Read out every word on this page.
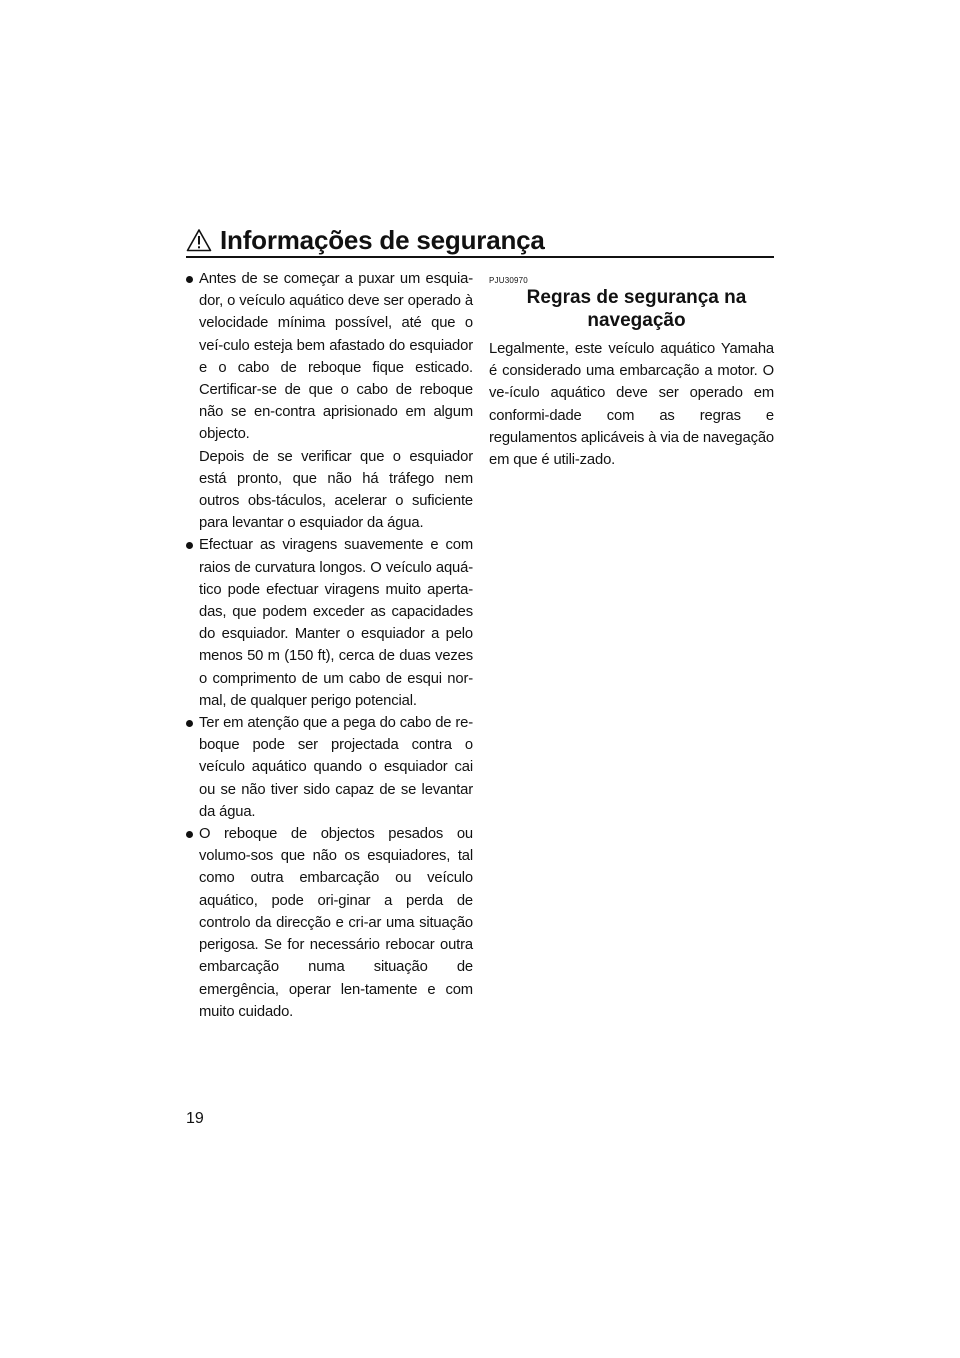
Informações de segurança

Antes de se começar a puxar um esquia-dor, o veículo aquático deve ser operado à velocidade mínima possível, até que o veí-culo esteja bem afastado do esquiador e o cabo de reboque fique esticado. Certificar-se de que o cabo de reboque não se en-contra aprisionado em algum objecto.

Depois de se verificar que o esquiador está pronto, que não há tráfego nem outros obs-táculos, acelerar o suficiente para levantar o esquiador da água.

Efectuar as viragens suavemente e com raios de curvatura longos. O veículo aquá-tico pode efectuar viragens muito aperta-das, que podem exceder as capacidades do esquiador. Manter o esquiador a pelo menos 50 m (150 ft), cerca de duas vezes o comprimento de um cabo de esqui nor-mal, de qualquer perigo potencial.

Ter em atenção que a pega do cabo de re-boque pode ser projectada contra o veículo aquático quando o esquiador cai ou se não tiver sido capaz de se levantar da água.

O reboque de objectos pesados ou volumo-sos que não os esquiadores, tal como outra embarcação ou veículo aquático, pode ori-ginar a perda de controlo da direcção e cri-ar uma situação perigosa. Se for necessário rebocar outra embarcação numa situação de emergência, operar len-tamente e com muito cuidado.

PJU30970
Regras de segurança na navegação

Legalmente, este veículo aquático Yamaha é considerado uma embarcação a motor. O ve-ículo aquático deve ser operado em conformi-dade com as regras e regulamentos aplicáveis à via de navegação em que é utili-zado.

19
